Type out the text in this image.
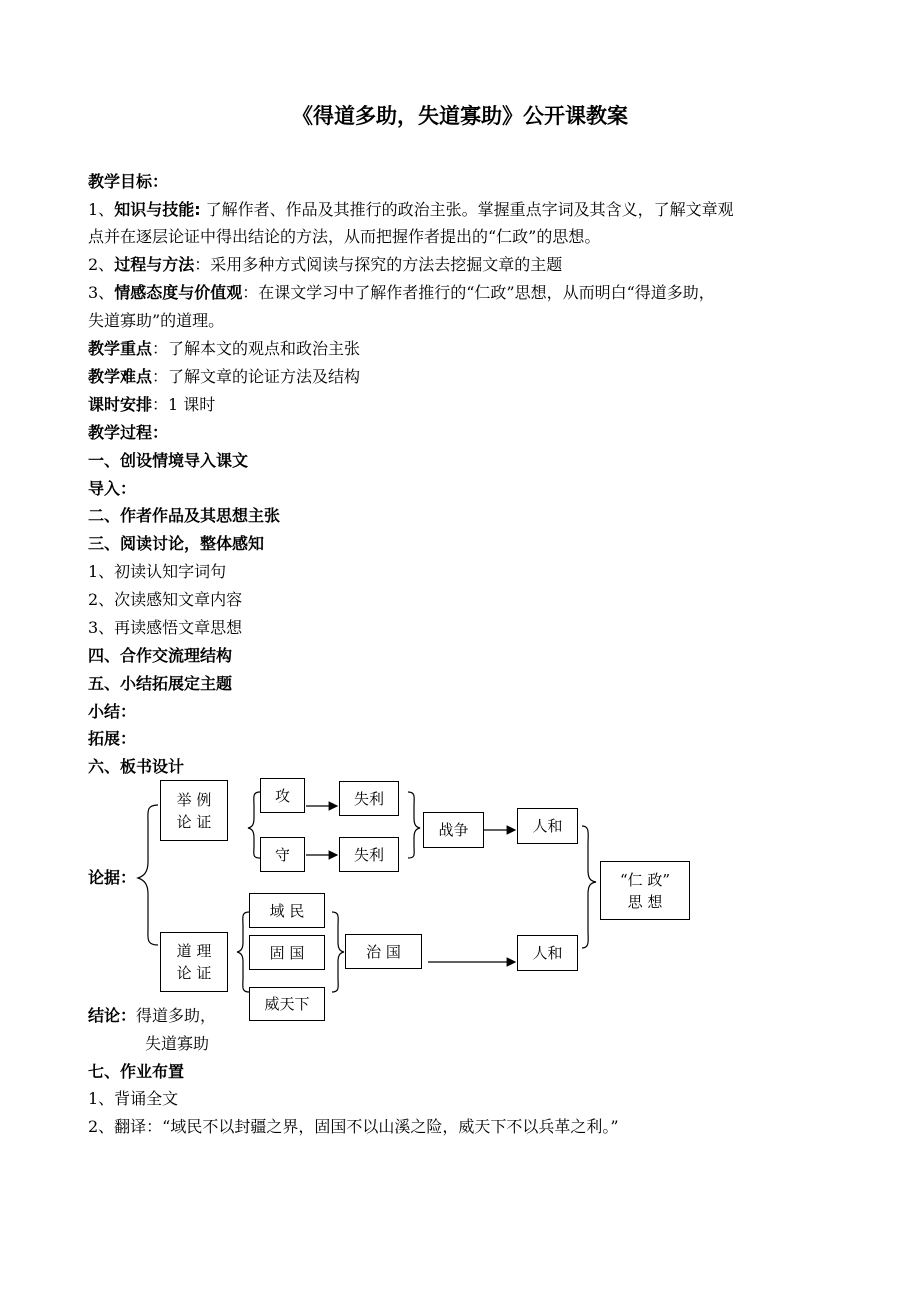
《得道多助，失道寡助》公开课教案
教学目标：
1、知识与技能: 了解作者、作品及其推行的政治主张。掌握重点字词及其含义，了解文章观
点并在逐层论证中得出结论的方法，从而把握作者提出的“仁政”的思想。
2、过程与方法：采用多种方式阅读与探究的方法去挖掘文章的主题
3、情感态度与价值观：在课文学习中了解作者推行的“仁政”思想，从而明白“得道多助，
失道寡助”的道理。
教学重点：了解本文的观点和政治主张
教学难点：了解文章的论证方法及结构
课时安排：1 课时
教学过程：
一、创设情境导入课文
导入：
二、作者作品及其思想主张
三、阅读讨论，整体感知
1、初读认知字词句
2、次读感知文章内容
3、再读感悟文章思想
四、合作交流理结构
五、小结拓展定主题
小结：
拓展：
六、板书设计
论据：
举 例
论 证
攻
守
失利
失利
战争	人和
道 理
论 证
域 民
固 国
威天下
治 国	人和
“仁 政”
思 想
结论：得道多助，
失道寡助
七、作业布置
1、背诵全文
2、翻译：“域民不以封疆之界，固国不以山溪之险，威天下不以兵革之利。”
